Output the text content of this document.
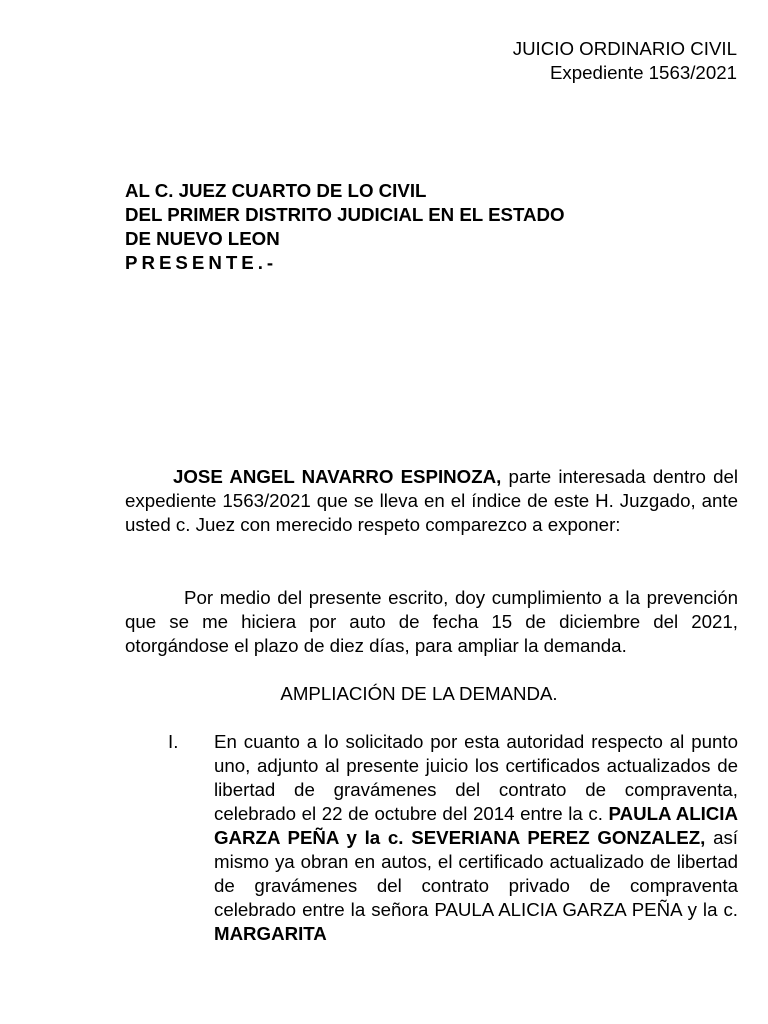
JUICIO ORDINARIO CIVIL
Expediente 1563/2021
AL C. JUEZ CUARTO DE LO CIVIL
DEL PRIMER DISTRITO JUDICIAL EN EL ESTADO
DE NUEVO LEON
PRESENTE.-
JOSE ANGEL NAVARRO ESPINOZA, parte interesada dentro del expediente 1563/2021 que se lleva en el índice de este H. Juzgado, ante usted c. Juez con merecido respeto comparezco a exponer:
Por medio del presente escrito, doy cumplimiento a la prevención que se me hiciera por auto de fecha 15 de diciembre del 2021, otorgándose el plazo de diez días, para ampliar la demanda.
AMPLIACIÓN DE LA DEMANDA.
I. En cuanto a lo solicitado por esta autoridad respecto al punto uno, adjunto al presente juicio los certificados actualizados de libertad de gravámenes del contrato de compraventa, celebrado el 22 de octubre del 2014 entre la c. PAULA ALICIA GARZA PEÑA y la c. SEVERIANA PEREZ GONZALEZ, así mismo ya obran en autos, el certificado actualizado de libertad de gravámenes del contrato privado de compraventa celebrado entre la señora PAULA ALICIA GARZA PEÑA y la c. MARGARITA
